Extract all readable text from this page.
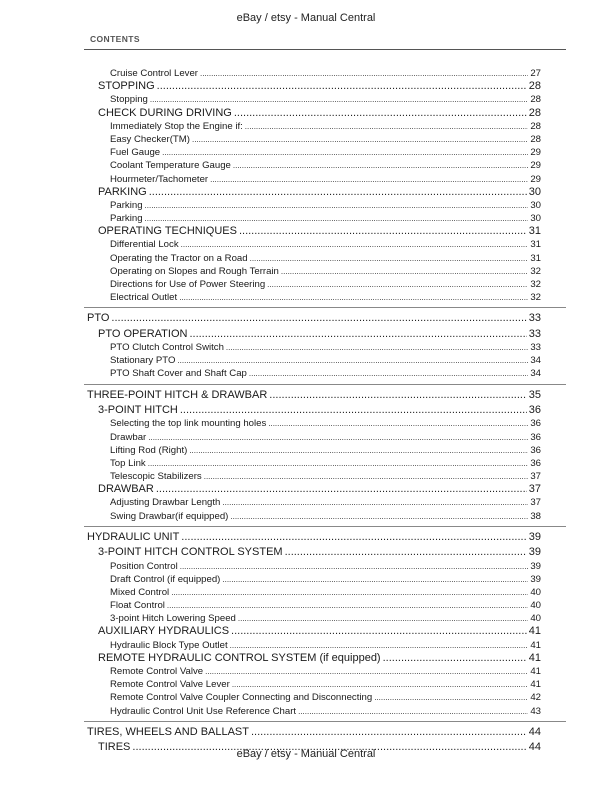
eBay / etsy - Manual Central
CONTENTS
Cruise Control Lever .....	27
STOPPING .....	28
Stopping .....	28
CHECK DURING DRIVING .....	28
Immediately Stop the Engine if: .....	28
Easy Checker(TM) .....	28
Fuel Gauge .....	29
Coolant Temperature Gauge .....	29
Hourmeter/Tachometer .....	29
PARKING .....	30
Parking .....	30
Parking .....	30
OPERATING TECHNIQUES .....	31
Differential Lock .....	31
Operating the Tractor on a Road .....	31
Operating on Slopes and Rough Terrain .....	32
Directions for Use of Power Steering .....	32
Electrical Outlet .....	32
PTO .....	33
PTO OPERATION .....	33
PTO Clutch Control Switch .....	33
Stationary PTO .....	34
PTO Shaft Cover and Shaft Cap .....	34
THREE-POINT HITCH & DRAWBAR .....	35
3-POINT HITCH .....	36
Selecting the top link mounting holes .....	36
Drawbar .....	36
Lifting Rod (Right) .....	36
Top Link .....	36
Telescopic Stabilizers .....	37
DRAWBAR .....	37
Adjusting Drawbar Length .....	37
Swing Drawbar(if equipped) .....	38
HYDRAULIC UNIT .....	39
3-POINT HITCH CONTROL SYSTEM .....	39
Position Control .....	39
Draft Control (if equipped) .....	39
Mixed Control .....	40
Float Control .....	40
3-point Hitch Lowering Speed .....	40
AUXILIARY HYDRAULICS .....	41
Hydraulic Block Type Outlet .....	41
REMOTE HYDRAULIC CONTROL SYSTEM (if equipped) .....	41
Remote Control Valve .....	41
Remote Control Valve Lever .....	41
Remote Control Valve Coupler Connecting and Disconnecting .....	42
Hydraulic Control Unit Use Reference Chart .....	43
TIRES, WHEELS AND BALLAST .....	44
TIRES .....	44
eBay / etsy - Manual Central
